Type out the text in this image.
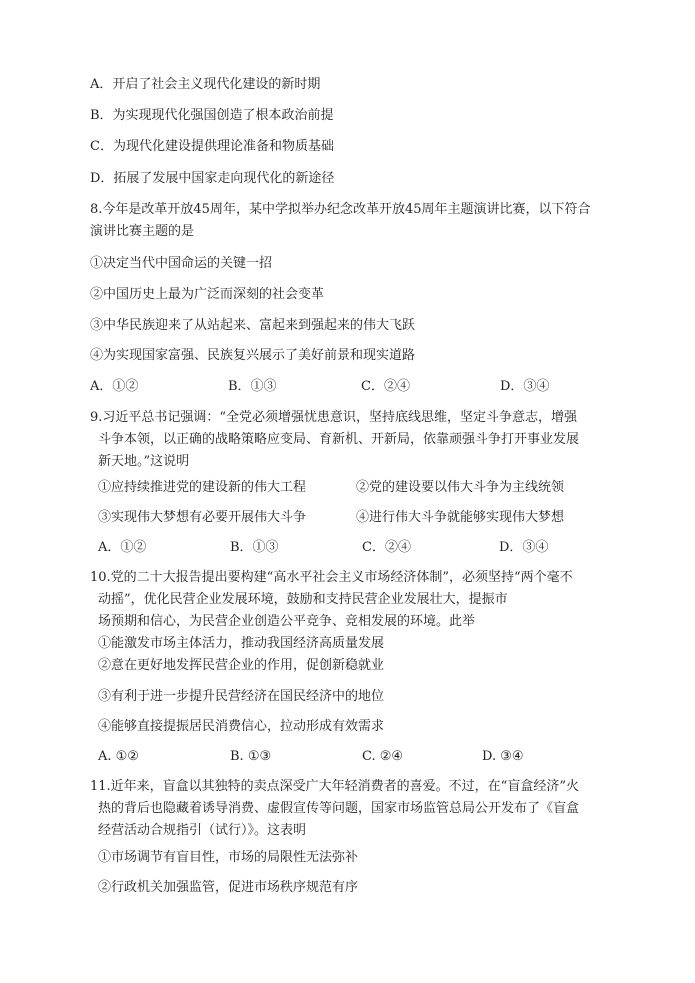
A．开启了社会主义现代化建设的新时期
B．为实现现代化强国创造了根本政治前提
C．为现代化建设提供理论准备和物质基础
D．拓展了发展中国家走向现代化的新途径
8.今年是改革开放45周年，某中学拟举办纪念改革开放45周年主题演讲比赛，以下符合
演讲比赛主题的是
①决定当代中国命运的关键一招
②中国历史上最为广泛而深刻的社会变革
③中华民族迎来了从站起来、富起来到强起来的伟大飞跃
④为实现国家富强、民族复兴展示了美好前景和现实道路
A．①②	B．①③	C．②④	D．③④
9.习近平总书记强调：“全党必须增强忧患意识，坚持底线思维，坚定斗争意志，增强
斗争本领，以正确的战略策略应变局、育新机、开新局，依靠顽强斗争打开事业发展
新天地。”这说明
①应持续推进党的建设新的伟大工程	②党的建设要以伟大斗争为主线统领
③实现伟大梦想有必要开展伟大斗争	④进行伟大斗争就能够实现伟大梦想
A．①②	B．①③	C．②④	D．③④
10.党的二十大报告提出要构建“高水平社会主义市场经济体制”，必须坚持“两个毫不
动摇”，优化民营企业发展环境，鼓励和支持民营企业发展壮大，提振市
场预期和信心，为民营企业创造公平竞争、竞相发展的环境。此举
①能激发市场主体活力，推动我国经济高质量发展
②意在更好地发挥民营企业的作用，促创新稳就业
③有利于进一步提升民营经济在国民经济中的地位
④能够直接提振居民消费信心，拉动形成有效需求
A. ①②	B. ①③	C. ②④	D. ③④
11.近年来，盲盒以其独特的卖点深受广大年轻消费者的喜爱。不过，在“盲盒经济”火
热的背后也隐藏着诱导消费、虚假宣传等问题，国家市场监管总局公开发布了《盲盒
经营活动合规指引（试行）》。这表明
①市场调节有盲目性，市场的局限性无法弥补
②行政机关加强监管，促进市场秩序规范有序
